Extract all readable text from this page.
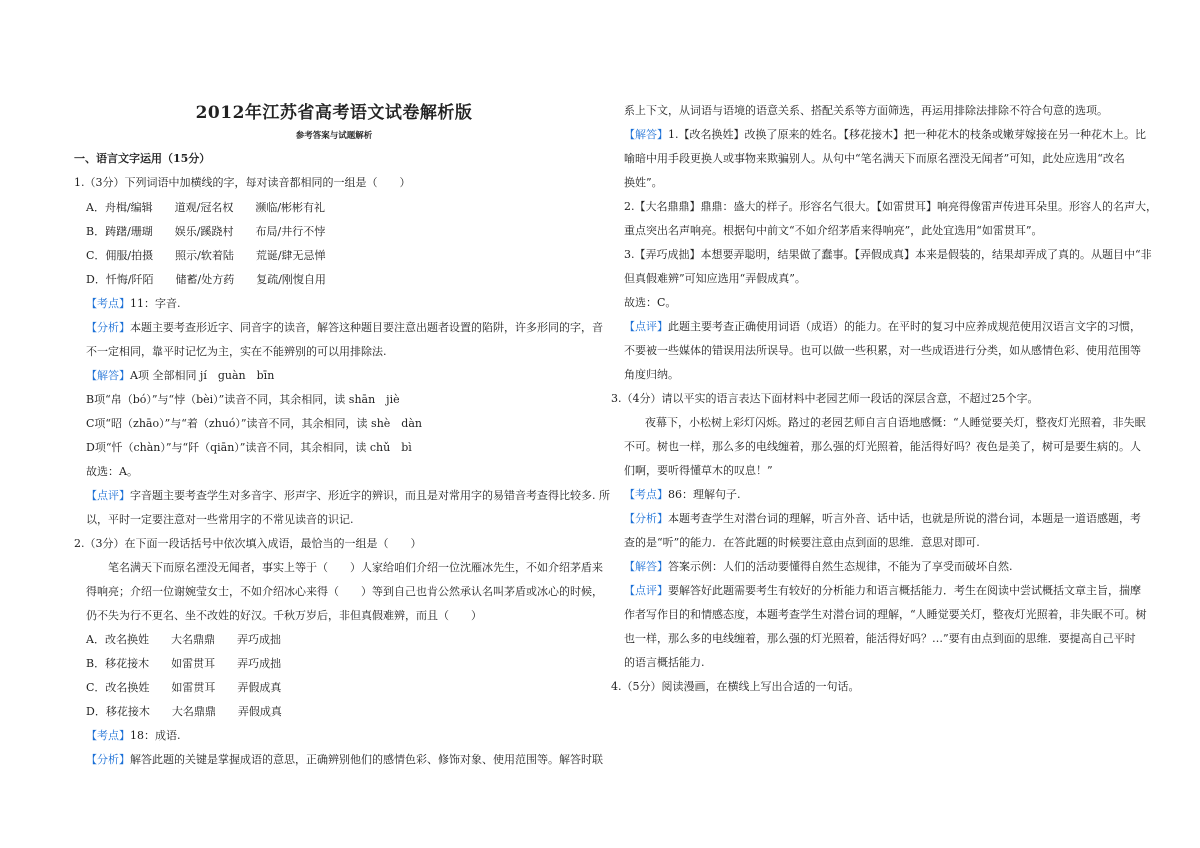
2012年江苏省高考语文试卷解析版
参考答案与试题解析
一、语言文字运用（15分）
1.（3分）下列词语中加横线的字，每对读音都相同的一组是（　　）
A．舟楫/编辑　　道观/冠名权　　濒临/彬彬有礼
B．踌躇/珊瑚　　娱乐/蹊跷村　　布局/井行不悖
C．佣服/拍摄　　照示/软着陆　　荒诞/肆无忌惮
D．忏悔/阡陌　　储蓄/处方药　　复疏/刚愎自用
【考点】11：字音.
【分析】本题主要考查形近字、同音字的读音，解答这种题目要注意出题者设置的陷阱，许多形同的字，音
不一定相同，靠平时记忆为主，实在不能辨别的可以用排除法.
【解答】A项 全部相同 jí　guàn　bīn
B项“帛（bó）”与“悖（bèi）”读音不同，其余相同，读 shān　jiè
C项“昭（zhāo）”与“着（zhuó）”读音不同，其余相同，读 shè　dàn
D项“忏（chàn）”与“阡（qiān）”读音不同，其余相同，读 chǔ　bì
故选：A。
【点评】字音题主要考查学生对多音字、形声字、形近字的辨识，而且是对常用字的易错音考查得比较多. 所
以，平时一定要注意对一些常用字的不常见读音的识记.
2.（3分）在下面一段话括号中依次填入成语，最恰当的一组是（　　）
笔名满天下而原名湮没无闻者，事实上等于（　　）人家给咱们介绍一位沈雁冰先生，不如介绍茅盾来
得响亮；介绍一位谢婉莹女士，不如介绍冰心来得（　　）等到自己也肯公然承认名叫茅盾或冰心的时候，
仍不失为行不更名、坐不改姓的好汉。千秋万岁后，非但真假难辨，而且（　　）
A．改名换姓　　大名鼎鼎　　弄巧成拙
B．移花接木　　如雷贯耳　　弄巧成拙
C．改名换姓　　如雷贯耳　　弄假成真
D．移花接木　　大名鼎鼎　　弄假成真
【考点】18：成语.
【分析】解答此题的关键是掌握成语的意思，正确辨别他们的感情色彩、修饰对象、使用范围等。解答时联
系上下文，从词语与语境的语意关系、搭配关系等方面筛选，再运用排除法排除不符合句意的选项。
【解答】1.【改名换姓】改换了原来的姓名。【移花接木】把一种花木的枝条或嫩芽嫁接在另一种花木上。比
喻暗中用手段更换人或事物来欺骗别人。从句中“笔名满天下而原名湮没无闻者”可知，此处应选用“改名
换姓”。
2.【大名鼎鼎】鼎鼎：盛大的样子。形容名气很大。【如雷贯耳】响亮得像雷声传进耳朵里。形容人的名声大，
重点突出名声响亮。根据句中前文“不如介绍茅盾来得响亮”，此处宜选用“如雷贯耳”。
3.【弄巧成拙】本想要弄聪明，结果做了蠢事。【弄假成真】本来是假装的，结果却弄成了真的。从题目中“非
但真假难辨”可知应选用“弄假成真”。
故选：C。
【点评】此题主要考查正确使用词语（成语）的能力。在平时的复习中应养成规范使用汉语言文字的习惯，
不要被一些媒体的错误用法所误导。也可以做一些积累，对一些成语进行分类，如从感情色彩、使用范围等
角度归纳。
3.（4分）请以平实的语言表达下面材料中老园艺师一段话的深层含意，不超过25个字。
夜幕下，小松树上彩灯闪烁。路过的老园艺师自言自语地感慨：“人睡觉要关灯，整夜灯光照着，非失眠
不可。树也一样，那么多的电线缠着，那么强的灯光照着，能活得好吗？夜色是美了，树可是要生病的。人
们啊，要听得懂草木的叹息！”
【考点】86：理解句子.
【分析】本题考查学生对潜台词的理解，听言外音、话中话，也就是所说的潜台词，本题是一道语感题，考
查的是“听”的能力．在答此题的时候要注意由点到面的思维．意思对即可.
【解答】答案示例：人们的活动要懂得自然生态规律，不能为了享受而破坏自然.
【点评】要解答好此题需要考生有较好的分析能力和语言概括能力．考生在阅读中尝试概括文章主旨，揣摩
作者写作目的和情感态度，本题考查学生对潜台词的理解，“人睡觉要关灯，整夜灯光照着，非失眠不可。树
也一样，那么多的电线缠着，那么强的灯光照着，能活得好吗？…”要有由点到面的思维．要提高自己平时
的语言概括能力.
4.（5分）阅读漫画，在横线上写出合适的一句话。
